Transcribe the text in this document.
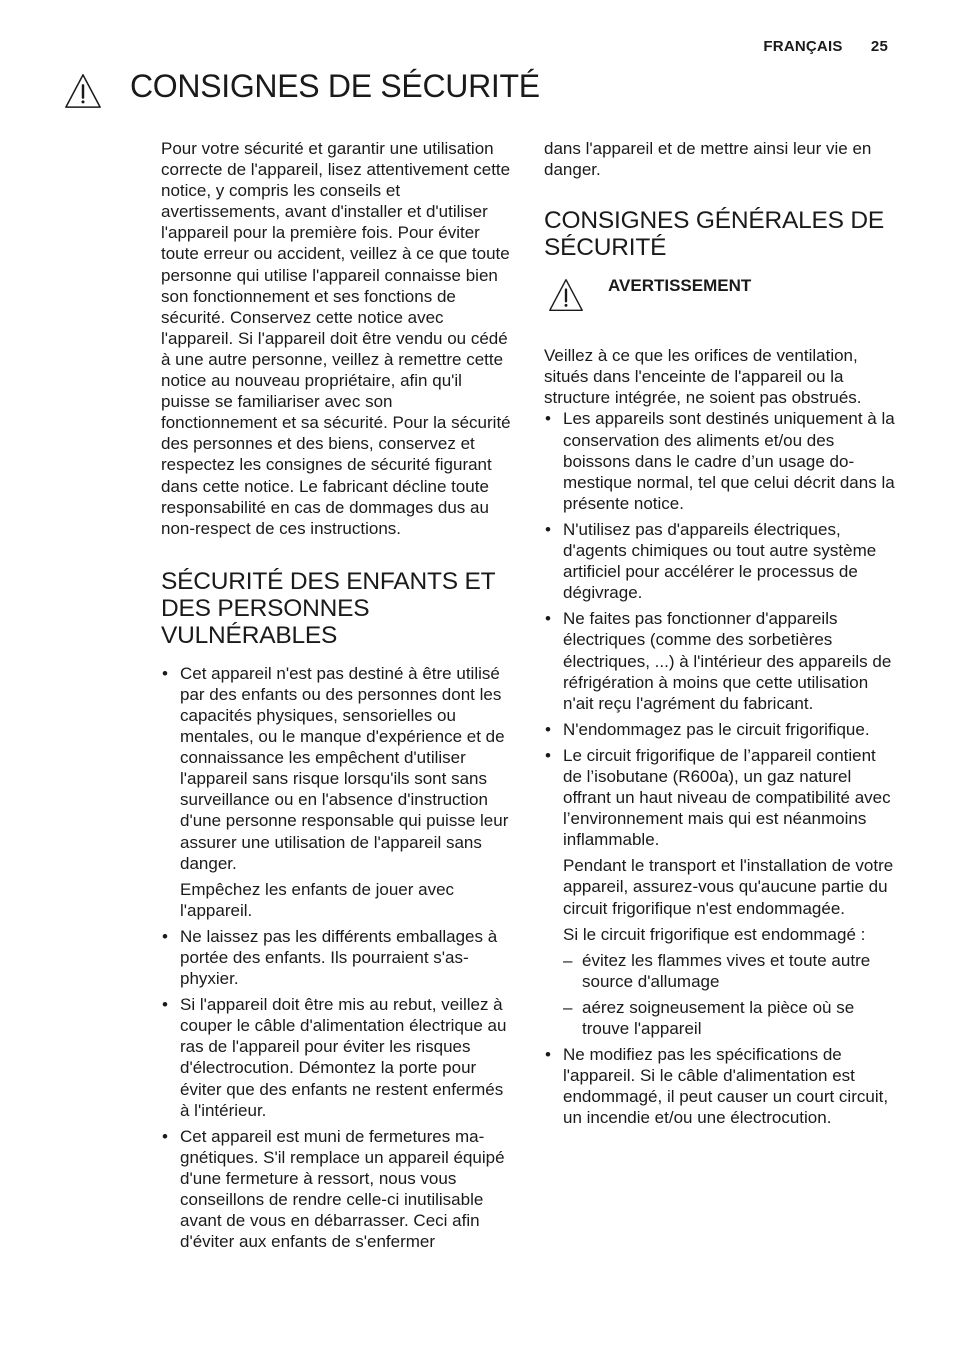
FRANÇAIS 25
CONSIGNES DE SÉCURITÉ

Pour votre sécurité et garantir une utilisation correcte de l'appareil, lisez attentivement cette notice, y compris les conseils et avertissements, avant d'installer et d'utiliser l'appareil pour la première fois. Pour éviter toute erreur ou accident, veillez à ce que toute personne qui utilise l'appareil connaisse bien son fonctionnement et ses fonctions de sécurité. Conservez cette notice avec l'appareil. Si l'appareil doit être vendu ou cédé à une autre personne, veillez à remettre cette notice au nouveau propriétaire, afin qu'il puisse se familiariser avec son fonctionnement et sa sécurité. Pour la sécurité des personnes et des biens, conservez et respectez les consignes de sécurité figurant dans cette notice. Le fabricant décline toute responsabilité en cas de dommages dus au non-respect de ces instructions.

SÉCURITÉ DES ENFANTS ET DES PERSONNES VULNÉRABLES

• Cet appareil n'est pas destiné à être utilisé par des enfants ou des personnes dont les capacités physiques, sensorielles ou mentales, ou le manque d'expérience et de connaissance les empêchent d'utiliser l'appareil sans risque lorsqu'ils sont sans surveillance ou en l'absence d'instruction d'une personne responsable qui puisse leur assurer une utilisation de l'appareil sans danger.

Empêchez les enfants de jouer avec l'appareil.

• Ne laissez pas les différents emballages à portée des enfants. Ils pourraient s'asphyxier.

• Si l'appareil doit être mis au rebut, veillez à couper le câble d'alimentation électrique au ras de l'appareil pour éviter les risques d'électrocution. Démontez la porte pour éviter que des enfants ne restent enfermés à l'intérieur.

• Cet appareil est muni de fermetures magnétiques. S'il remplace un appareil équipé d'une fermeture à ressort, nous vous conseillons de rendre celle-ci inutilisable avant de vous en débarrasser. Ceci afin d'éviter aux enfants de s'enfermer

dans l'appareil et de mettre ainsi leur vie en danger.

CONSIGNES GÉNÉRALES DE SÉCURITÉ
AVERTISSEMENT

Veillez à ce que les orifices de ventilation, situés dans l'enceinte de l'appareil ou la structure intégrée, ne soient pas obstrués.

• Les appareils sont destinés uniquement à la conservation des aliments et/ou des boissons dans le cadre d’un usage domestique normal, tel que celui décrit dans la présente notice.

• N'utilisez pas d'appareils électriques, d'agents chimiques ou tout autre système artificiel pour accélérer le processus de dégivrage.

• Ne faites pas fonctionner d'appareils électriques (comme des sorbetières électriques, ...) à l'intérieur des appareils de réfrigération à moins que cette utilisation n'ait reçu l'agrément du fabricant.

• N'endommagez pas le circuit frigorifique.

• Le circuit frigorifique de l’appareil contient de l’isobutane (R600a), un gaz naturel offrant un haut niveau de compatibilité avec l’environnement mais qui est néanmoins inflammable.

Pendant le transport et l'installation de votre appareil, assurez-vous qu'aucune partie du circuit frigorifique n'est endommagée.

Si le circuit frigorifique est endommagé :

– évitez les flammes vives et toute autre source d'allumage
– aérez soigneusement la pièce où se trouve l'appareil

• Ne modifiez pas les spécifications de l'appareil. Si le câble d'alimentation est endommagé, il peut causer un court circuit, un incendie et/ou une électrocution.
